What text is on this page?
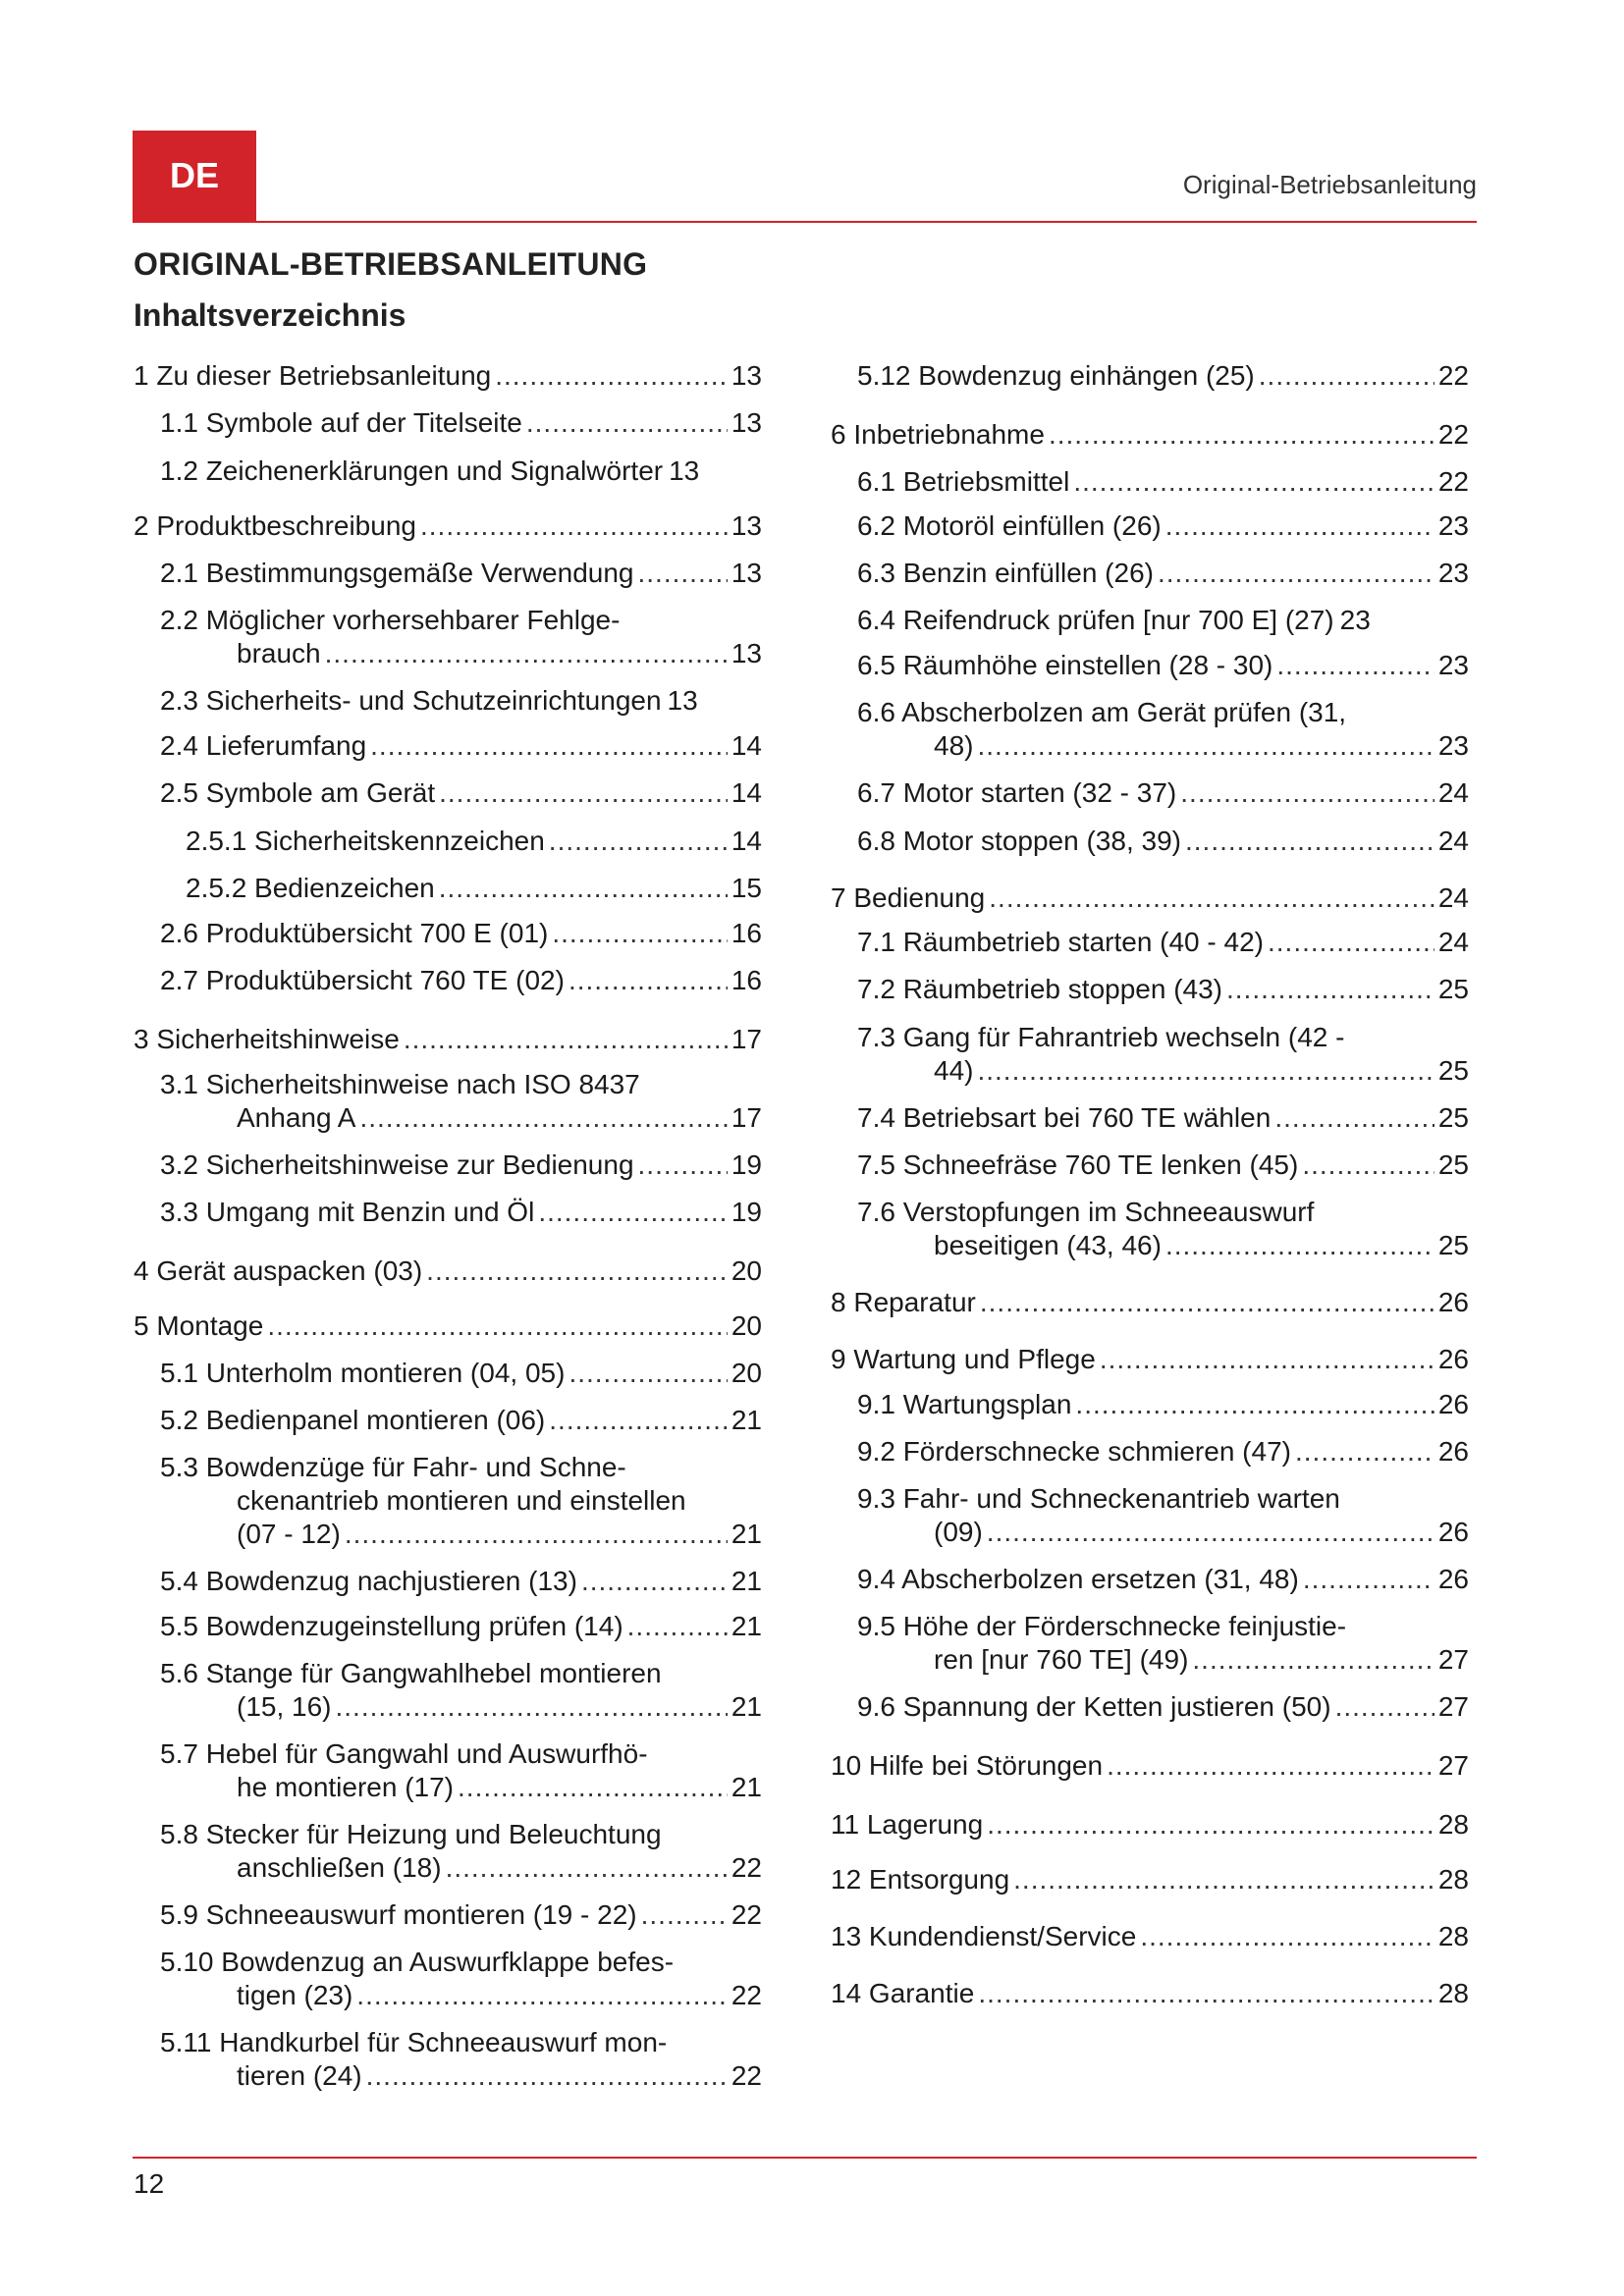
DE	Original-Betriebsanleitung
ORIGINAL-BETRIEBSANLEITUNG
Inhaltsverzeichnis
1 Zu dieser Betriebsanleitung .....	13
1.1 Symbole auf der Titelseite .....	13
1.2 Zeichenerklärungen und Signalwörter 13
2 Produktbeschreibung .....	13
2.1 Bestimmungsgemäße Verwendung .....	13
2.2 Möglicher vorhersehbarer Fehlge-
brauch .....	13
2.3 Sicherheits- und Schutzeinrichtungen 13
2.4 Lieferumfang .....	14
2.5 Symbole am Gerät .....	14
2.5.1 Sicherheitskennzeichen .....	14
2.5.2 Bedienzeichen .....	15
2.6 Produktübersicht 700 E (01) .....	16
2.7 Produktübersicht 760 TE (02) .....	16
3 Sicherheitshinweise .....	17
3.1 Sicherheitshinweise nach ISO 8437
Anhang A .....	17
3.2 Sicherheitshinweise zur Bedienung .....	19
3.3 Umgang mit Benzin und Öl .....	19
4 Gerät auspacken (03) .....	20
5 Montage .....	20
5.1 Unterholm montieren (04, 05) .....	20
5.2 Bedienpanel montieren (06) .....	21
5.3 Bowdenzüge für Fahr- und Schne-
ckenantrieb montieren und einstellen
(07 - 12) .....	21
5.4 Bowdenzug nachjustieren (13) .....	21
5.5 Bowdenzugeinstellung prüfen (14) .....	21
5.6 Stange für Gangwahlhebel montieren
(15, 16) .....	21
5.7 Hebel für Gangwahl und Auswurfhö-
he montieren (17) .....	21
5.8 Stecker für Heizung und Beleuchtung
anschließen (18) .....	22
5.9 Schneeauswurf montieren (19 - 22) .....	22
5.10 Bowdenzug an Auswurfklappe befes-
tigen (23) .....	22
5.11 Handkurbel für Schneeauswurf mon-
tieren (24) .....	22
5.12 Bowdenzug einhängen (25) .....	22
6 Inbetriebnahme .....	22
6.1 Betriebsmittel .....	22
6.2 Motoröl einfüllen (26) .....	23
6.3 Benzin einfüllen (26) .....	23
6.4 Reifendruck prüfen [nur 700 E] (27) 23
6.5 Räumhöhe einstellen (28 - 30) .....	23
6.6 Abscherbolzen am Gerät prüfen (31,
48) .....	23
6.7 Motor starten (32 - 37) .....	24
6.8 Motor stoppen (38, 39) .....	24
7 Bedienung .....	24
7.1 Räumbetrieb starten (40 - 42) .....	24
7.2 Räumbetrieb stoppen (43) .....	25
7.3 Gang für Fahrantrieb wechseln (42 -
44) .....	25
7.4 Betriebsart bei 760 TE wählen .....	25
7.5 Schneefräse 760 TE lenken (45) .....	25
7.6 Verstopfungen im Schneeauswurf
beseitigen (43, 46) .....	25
8 Reparatur .....	26
9 Wartung und Pflege .....	26
9.1 Wartungsplan .....	26
9.2 Förderschnecke schmieren (47) .....	26
9.3 Fahr- und Schneckenantrieb warten
(09) .....	26
9.4 Abscherbolzen ersetzen (31, 48) .....	26
9.5 Höhe der Förderschnecke feinjustie-
ren [nur 760 TE] (49) .....	27
9.6 Spannung der Ketten justieren (50) .....	27
10 Hilfe bei Störungen .....	27
11 Lagerung .....	28
12 Entsorgung .....	28
13 Kundendienst/Service .....	28
14 Garantie .....	28
12
